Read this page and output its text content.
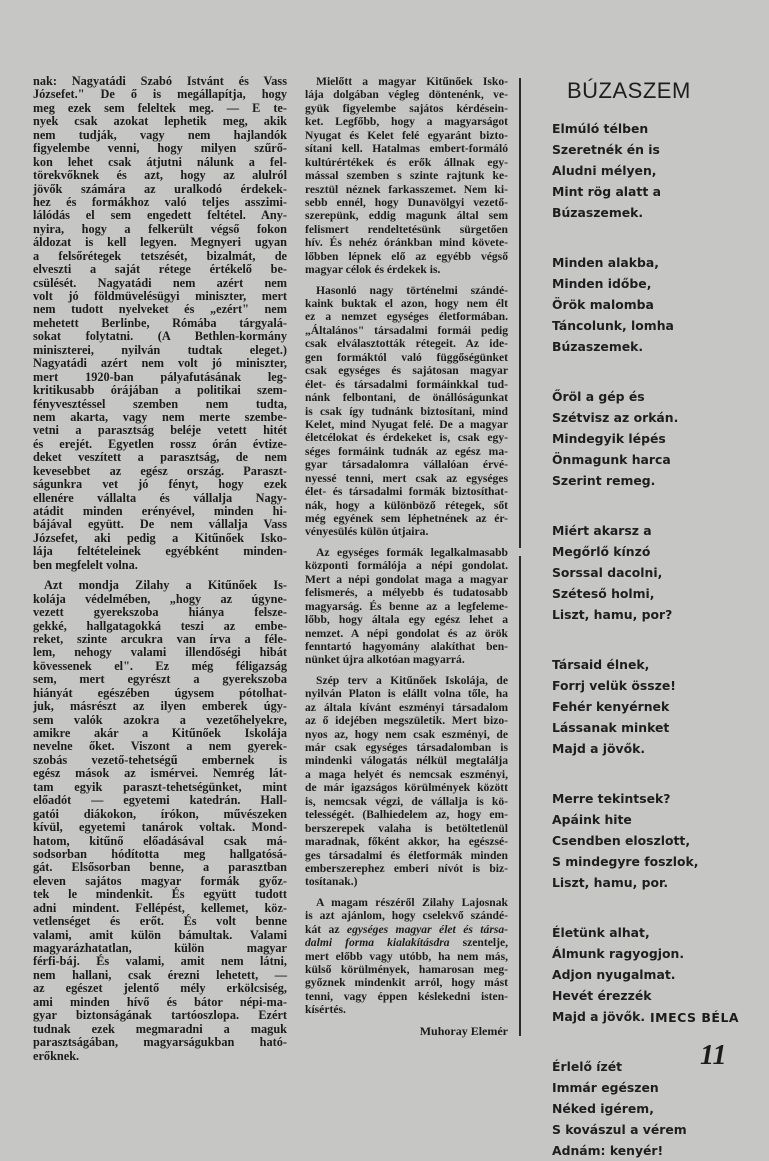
nak: Nagyatádi Szabó Istvánt és Vass
Józsefet." De ő is megállapítja, hogy
meg ezek sem feleltek meg. — E te-
nyek csak azokat lephetik meg, akik
nem tudják, vagy nem hajlandók
figyelembe venni, hogy milyen szűrő-
kon lehet csak átjutni nálunk a fel-
törekvőknek és azt, hogy az alulról
jövők számára az uralkodó érdekek-
hez és formákhoz való teljes asszimi-
lálódás el sem engedett feltétel. Any-
nyira, hogy a felkerült végső fokon
áldozat is kell legyen. Megnyeri ugyan
a felsőrétegek tetszését, bizalmát, de
elveszti a saját rétege értékelő be-
csülését. Nagyatádi nem azért nem
volt jó földmüvelésügyi miniszter, mert
nem tudott nyelveket és „ezért" nem
mehetett Berlinbe, Rómába tárgyalá-
sokat folytatni. (A Bethlen-kormány
miniszterei, nyilván tudtak eleget.)
Nagyatádi azért nem volt jó miniszter,
mert 1920-ban pályafutásának leg-
kritikusabb órájában a politikai szem-
fényvesztéssel szemben nem tudta,
nem akarta, vagy nem merte szembe-
vetni a parasztság beléje vetett hitét
és erejét. Egyetlen rossz órán évtize-
deket veszített a parasztság, de nem
kevesebbet az egész ország. Paraszt-
ságunkra vet jó fényt, hogy ezek
ellenére vállalta és vállalja Nagy-
atádit minden erényével, minden hi-
bájával együtt. De nem vállalja Vass
Józsefet, aki pedig a Kitűnőek Isko-
lája feltételeinek egyébként minden-
ben megfelelt volna.
Azt mondja Zilahy a Kitűnőek Is-
kolája védelmében, „hogy az úgyne-
vezett gyerekszoba hiánya felsze-
gekké, hallgatagokká teszi az embe-
reket, szinte arcukra van írva a féle-
lem, nehogy valami illendőségi hibát
kövessenek el". Ez még féligazság
sem, mert egyrészt a gyerekszoba
hiányát egészében úgysem pótolhat-
juk, másrészt az ilyen emberek úgy-
sem valók azokra a vezetőhelyekre,
amikre akár a Kitűnőek Iskolája
nevelne őket. Viszont a nem gyerek-
szobás vezető-tehetségű embernek is
egész mások az ismérvei. Nemrég lát-
tam egyik paraszt-tehetségünket, mint
előadót — egyetemi katedrán. Hall-
gatói diákokon, írókon, művészeken
kívül, egyetemi tanárok voltak. Mond-
hatom, kitűnő előadásával csak má-
sodsorban hódította meg hallgatósá-
gát. Elsősorban benne, a parasztban
eleven sajátos magyar formák győz-
tek le mindenkit. És együtt tudott
adni mindent. Fellépést, kellemet, köz-
vetlenséget és erőt. És volt benne
valami, amit külön bámultak. Valami
magyarázhatatlan, külön magyar
férfi-báj. És valami, amit nem látni,
nem hallani, csak érezni lehetett, —
az egészet jelentő mély erkölcsiség,
ami minden hívő és bátor népi-ma-
gyar biztonságának tartóoszlopa. Ezért
tudnak ezek megmaradni a maguk
parasztságában, magyarságukban ható-
erőknek.
Mielőtt a magyar Kitűnőek Isko-
lája dolgában végleg döntenénk, ve-
gyük figyelembe sajátos kérdésein-
ket. Legfőbb, hogy a magyarságot
Nyugat és Kelet felé egyaránt bizto-
sítani kell. Hatalmas embert-formáló
kultúrértékek és erők állnak egy-
mással szemben s szinte rajtunk ke-
resztül néznek farkasszemet. Nem ki-
sebb ennél, hogy Dunavölgyi vezető-
szerepünk, eddig magunk által sem
felismert rendeltetésünk sürgetően
hív. És nehéz óránkban mind követe-
lőbben lépnek elő az egyébb végső
magyar célok és érdekek is.
Hasonló nagy történelmi szándé-
kaink buktak el azon, hogy nem élt
ez a nemzet egységes életformában.
„Általános" társadalmi formái pedig
csak elválasztották rétegeit. Az ide-
gen formáktól való függőségünket
csak egységes és sajátosan magyar
élet- és társadalmi formáinkkal tud-
nánk felbontani, de önállóságunkat
is csak így tudnánk biztosítani, mind
Kelet, mind Nyugat felé. De a magyar
életcélokat és érdekeket is, csak egy-
séges formáink tudnák az egész ma-
gyar társadalomra vállalóan érvé-
nyessé tenni, mert csak az egységes
élet- és társadalmi formák biztosíthat-
nák, hogy a különböző rétegek, sőt
még egyének sem léphetnének az ér-
vényesülés külön útjaira.
Az egységes formák legalkalmasabb
központi formálója a népi gondolat.
Mert a népi gondolat maga a magyar
felismerés, a mélyebb és tudatosabb
magyarság. És benne az a legfeleme-
lőbb, hogy általa egy egész lehet a
nemzet. A népi gondolat és az örök
fenntartó hagyomány alakíthat ben-
nünket újra alkotóan magyarrá.
Szép terv a Kitűnőek Iskolája, de
nyilván Platon is elállt volna tőle, ha
az általa kívánt eszményi társadalom
az ő idejében megszületik. Mert bizo-
nyos az, hogy nem csak eszményi, de
már csak egységes társadalomban is
mindenki válogatás nélkül megtalálja
a maga helyét és nemcsak eszményi,
de már igazságos körülmények között
is, nemcsak végzi, de vállalja is kö-
telességét. (Balhiedelem az, hogy em-
berszerepek valaha is betöltetlenül
maradnak, főként akkor, ha egészsé-
ges társadalmi és életformák minden
emberszerephez emberi nívót is biz-
tosítanak.)
A magam részéről Zilahy Lajosnak
is azt ajánlom, hogy cselekvő szándé-
kát az egységes magyar élet és társa-
dalmi forma kialakításdra szentelje,
mert előbb vagy utóbb, ha nem más,
külső körülmények, hamarosan meg-
győznek mindenkit arról, hogy mást
tenni, vagy éppen késlekedni isten-
kísértés.
Muhoray Elemér
BÚZASZEM
Elmúló télben
Szeretnék én is
Aludni mélyen,
Mint rög alatt a
Búzaszemek.
Minden alakba,
Minden időbe,
Örök malomba
Táncolunk, lomha
Búzaszemek.
Őröl a gép és
Szétvisz az orkán.
Mindegyik lépés
Önmagunk harca
Szerint remeg.
Miért akarsz a
Megőrlő kínzó
Sorssal dacolni,
Széteső holmi,
Liszt, hamu, por?
Társaid élnek,
Forrj velük össze!
Fehér kenyérnek
Lássanak minket
Majd a jövők.
Merre tekintsek?
Apáink hite
Csendben eloszlott,
S mindegyre foszlok,
Liszt, hamu, por.
Életünk alhat,
Álmunk ragyogjon.
Adjon nyugalmat.
Hevét érezzék
Majd a jövők.
Érlelő ízét
Immár egészen
Néked igérem,
S kovászul a vérem
Adnám: kenyér!
IMECS BÉLA
11
